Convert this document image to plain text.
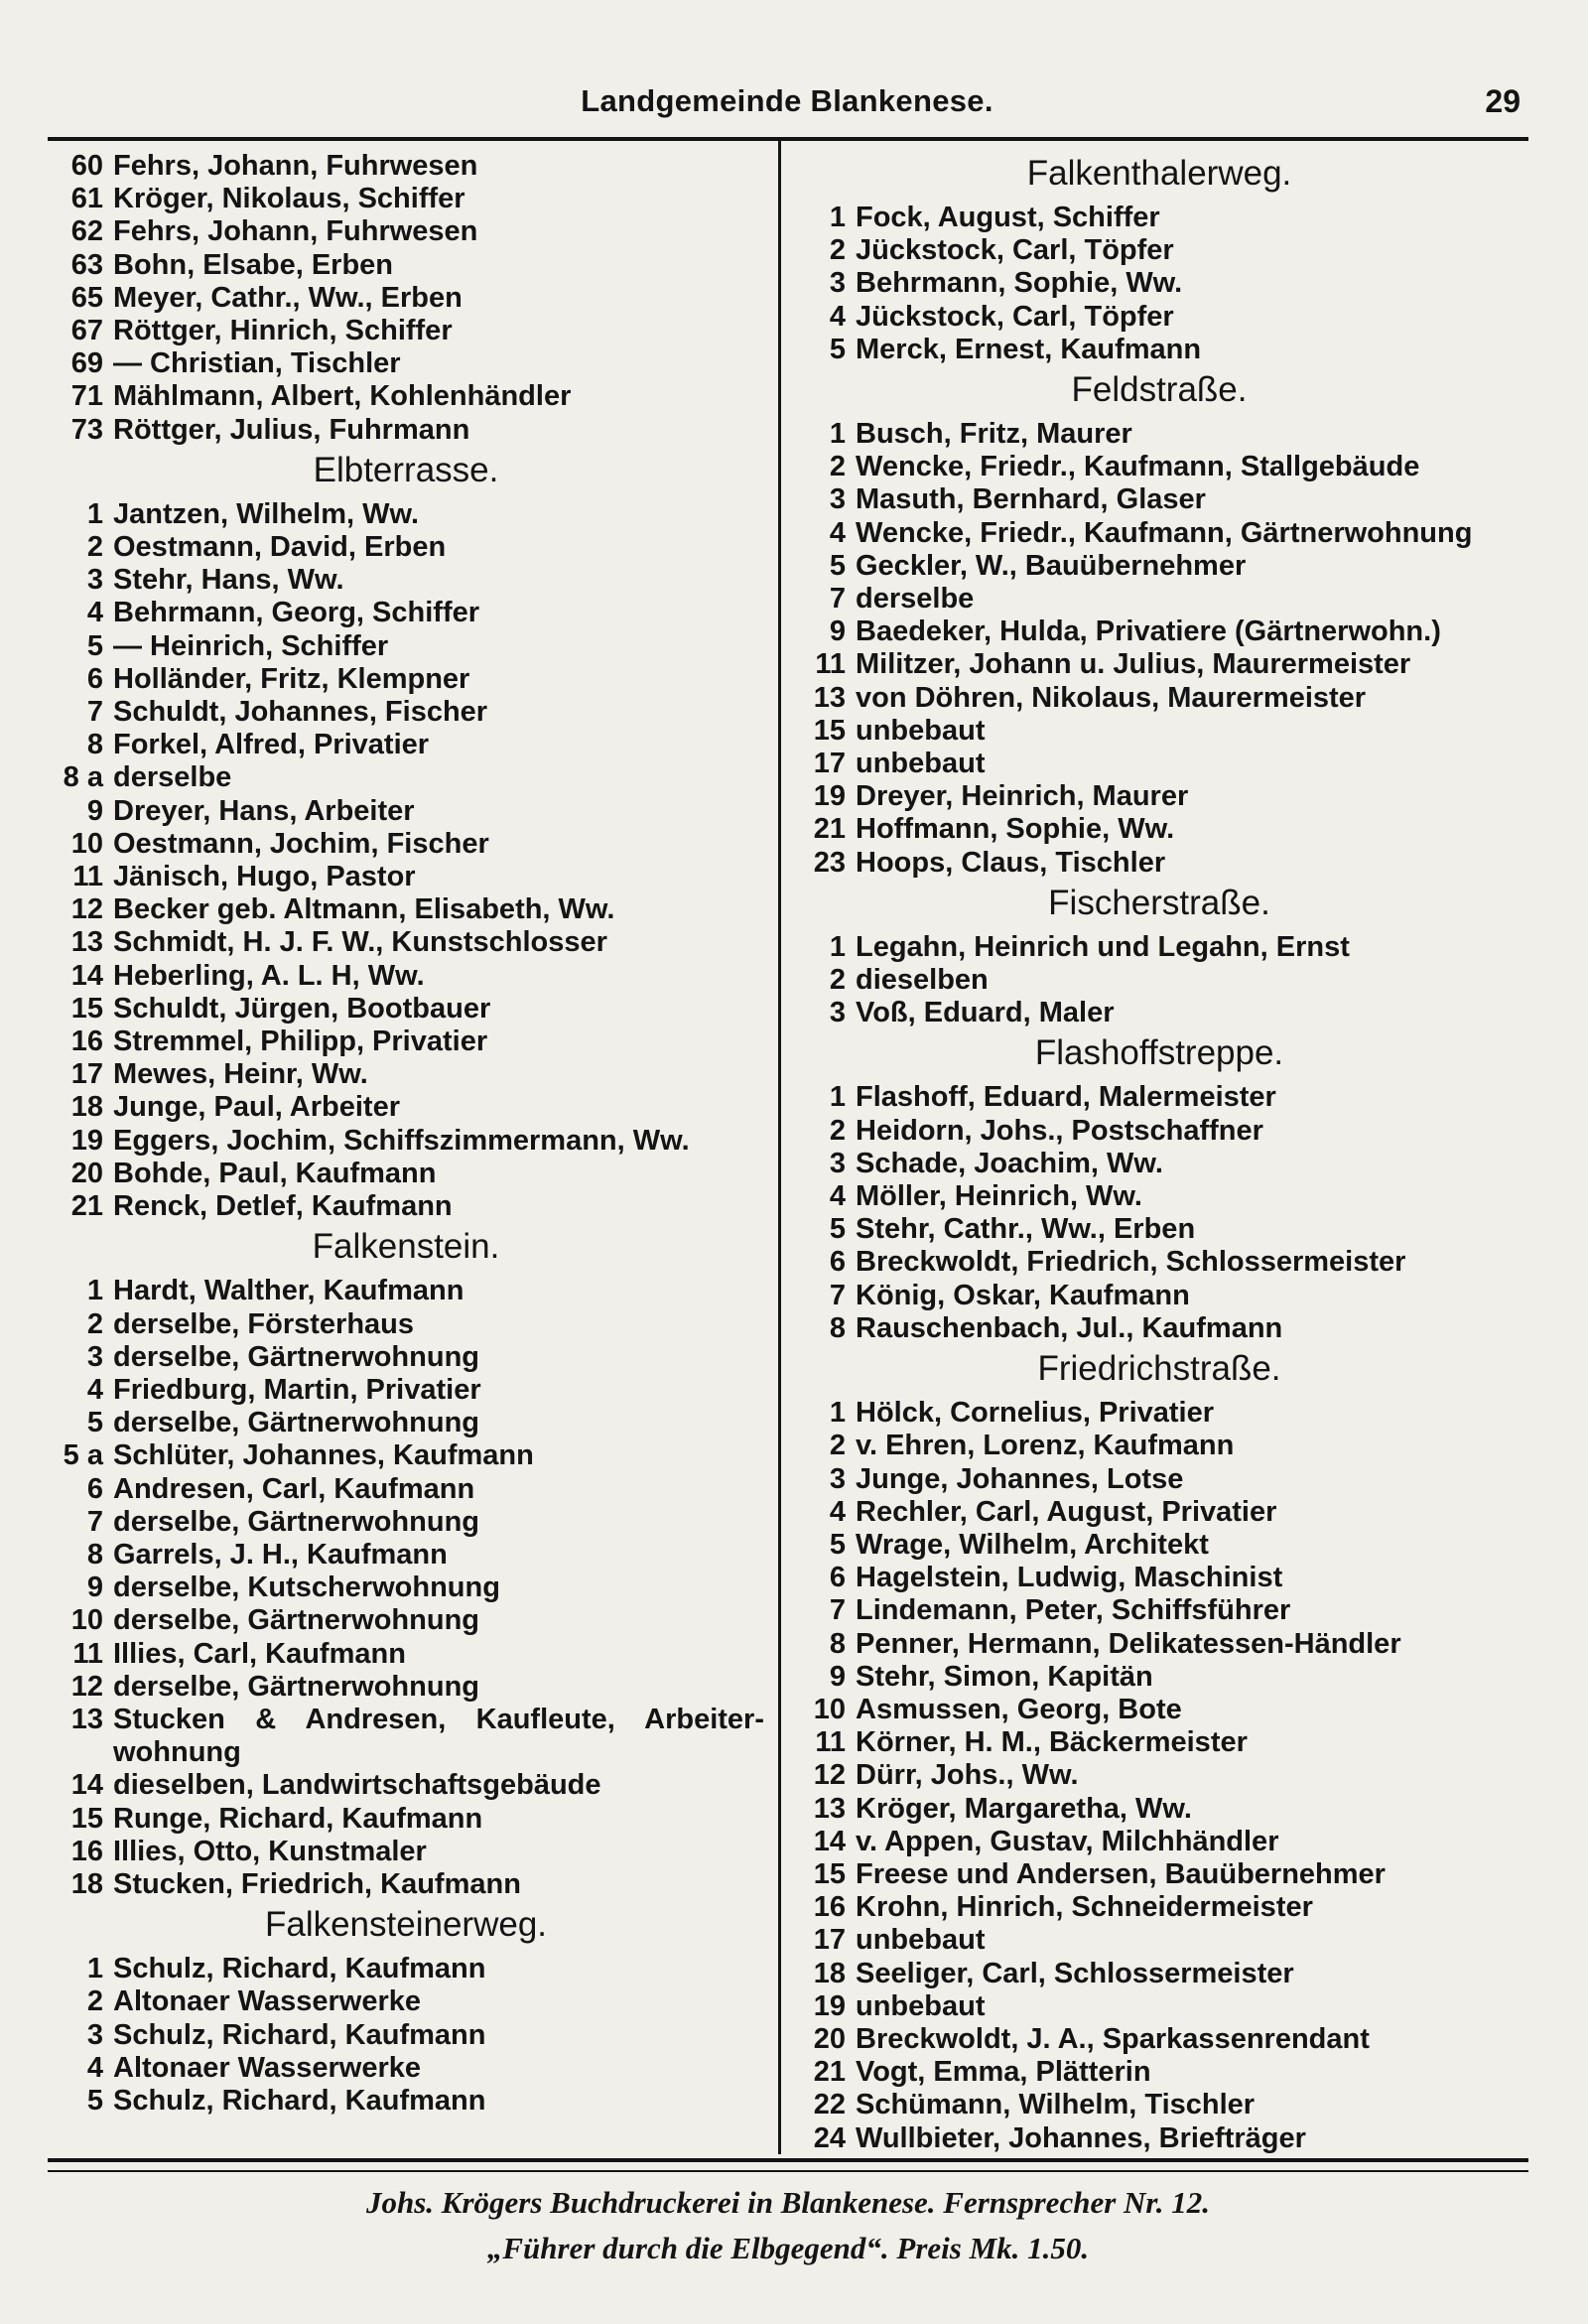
Landgemeinde Blankenese.	29
60 Fehrs, Johann, Fuhrwesen
61 Kröger, Nikolaus, Schiffer
62 Fehrs, Johann, Fuhrwesen
63 Bohn, Elsabe, Erben
65 Meyer, Cathr., Ww., Erben
67 Röttger, Hinrich, Schiffer
69 — Christian, Tischler
71 Mählmann, Albert, Kohlenhändler
73 Röttger, Julius, Fuhrmann
Elbterrasse.
1 Jantzen, Wilhelm, Ww.
2 Oestmann, David, Erben
3 Stehr, Hans, Ww.
4 Behrmann, Georg, Schiffer
5 — Heinrich, Schiffer
6 Holländer, Fritz, Klempner
7 Schuldt, Johannes, Fischer
8 Forkel, Alfred, Privatier
8 a derselbe
9 Dreyer, Hans, Arbeiter
10 Oestmann, Jochim, Fischer
11 Jänisch, Hugo, Pastor
12 Becker geb. Altmann, Elisabeth, Ww.
13 Schmidt, H. J. F. W., Kunstschlosser
14 Heberling, A. L. H, Ww.
15 Schuldt, Jürgen, Bootbauer
16 Stremmel, Philipp, Privatier
17 Mewes, Heinr, Ww.
18 Junge, Paul, Arbeiter
19 Eggers, Jochim, Schiffszimmermann, Ww.
20 Bohde, Paul, Kaufmann
21 Renck, Detlef, Kaufmann
Falkenstein.
1 Hardt, Walther, Kaufmann
2 derselbe, Försterhaus
3 derselbe, Gärtnerwohnung
4 Friedburg, Martin, Privatier
5 derselbe, Gärtnerwohnung
5 a Schlüter, Johannes, Kaufmann
6 Andresen, Carl, Kaufmann
7 derselbe, Gärtnerwohnung
8 Garrels, J. H., Kaufmann
9 derselbe, Kutscherwohnung
10 derselbe, Gärtnerwohnung
11 Illies, Carl, Kaufmann
12 derselbe, Gärtnerwohnung
13 Stucken & Andresen, Kaufleute, Arbeiter-wohnung
14 dieselben, Landwirtschaftsgebäude
15 Runge, Richard, Kaufmann
16 Illies, Otto, Kunstmaler
18 Stucken, Friedrich, Kaufmann
Falkensteinerweg.
1 Schulz, Richard, Kaufmann
2 Altonaer Wasserwerke
3 Schulz, Richard, Kaufmann
4 Altonaer Wasserwerke
5 Schulz, Richard, Kaufmann
Falkenthalerweg.
1 Fock, August, Schiffer
2 Jückstock, Carl, Töpfer
3 Behrmann, Sophie, Ww.
4 Jückstock, Carl, Töpfer
5 Merck, Ernest, Kaufmann
Feldstraße.
1 Busch, Fritz, Maurer
2 Wencke, Friedr., Kaufmann, Stallgebäude
3 Masuth, Bernhard, Glaser
4 Wencke, Friedr., Kaufmann, Gärtnerwohnung
5 Geckler, W., Bauübernehmer
7 derselbe
9 Baedeker, Hulda, Privatiere (Gärtnerwohn.)
11 Militzer, Johann u. Julius, Maurermeister
13 von Döhren, Nikolaus, Maurermeister
15 unbebaut
17 unbebaut
19 Dreyer, Heinrich, Maurer
21 Hoffmann, Sophie, Ww.
23 Hoops, Claus, Tischler
Fischerstraße.
1 Legahn, Heinrich und Legahn, Ernst
2 dieselben
3 Voß, Eduard, Maler
Flashoffstreppe.
1 Flashoff, Eduard, Malermeister
2 Heidorn, Johs., Postschaffner
3 Schade, Joachim, Ww.
4 Möller, Heinrich, Ww.
5 Stehr, Cathr., Ww., Erben
6 Breckwoldt, Friedrich, Schlossermeister
7 König, Oskar, Kaufmann
8 Rauschenbach, Jul., Kaufmann
Friedrichstraße.
1 Hölck, Cornelius, Privatier
2 v. Ehren, Lorenz, Kaufmann
3 Junge, Johannes, Lotse
4 Rechler, Carl, August, Privatier
5 Wrage, Wilhelm, Architekt
6 Hagelstein, Ludwig, Maschinist
7 Lindemann, Peter, Schiffsführer
8 Penner, Hermann, Delikatessen-Händler
9 Stehr, Simon, Kapitän
10 Asmussen, Georg, Bote
11 Körner, H. M., Bäckermeister
12 Dürr, Johs., Ww.
13 Kröger, Margaretha, Ww.
14 v. Appen, Gustav, Milchhändler
15 Freese und Andersen, Bauübernehmer
16 Krohn, Hinrich, Schneidermeister
17 unbebaut
18 Seeliger, Carl, Schlossermeister
19 unbebaut
20 Breckwoldt, J. A., Sparkassenrendant
21 Vogt, Emma, Plätterin
22 Schümann, Wilhelm, Tischler
24 Wullbieter, Johannes, Briefträger
Johs. Krögers Buchdruckerei in Blankenese. Fernsprecher Nr. 12.
„Führer durch die Elbgegend“. Preis Mk. 1.50.
